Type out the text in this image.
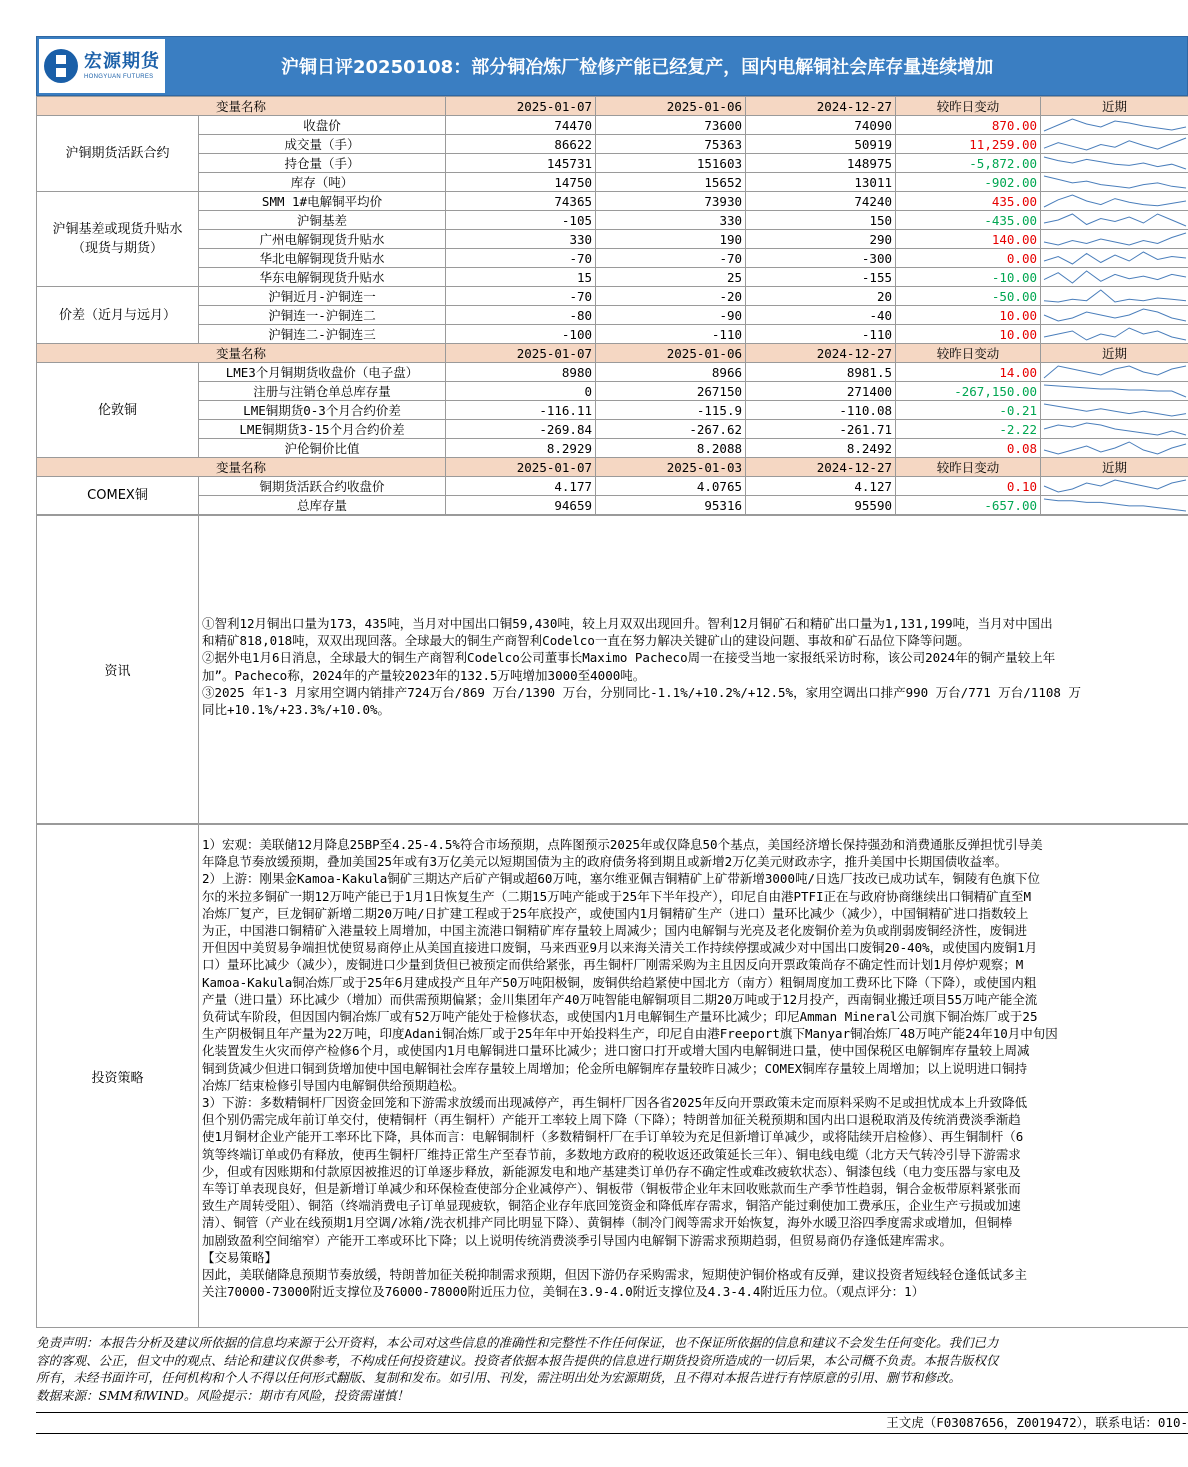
宏源期货
HONGYUAN FUTURES	沪铜日评20250108：部分铜冶炼厂检修产能已经复产，国内电解铜社会库存量连续增加
变量名称		2025-01-07	2025-01-06	2024-12-27	较昨日变动	近期
沪铜期货活跃合约	收盘价	74470	73600	74090	870.00	

	成交量（手）	86622	75363	50919	11,259.00	

	持仓量（手）	145731	151603	148975	-5,872.00	

	库存（吨）	14750	15652	13011	-902.00	

沪铜基差或现货升贴水（现货与期货）	SMM 1#电解铜平均价	74365	73930	74240	435.00	

	沪铜基差	-105	330	150	-435.00	

	广州电解铜现货升贴水	330	190	290	140.00	

	华北电解铜现货升贴水	-70	-70	-300	0.00	

	华东电解铜现货升贴水	15	25	-155	-10.00	

价差（近月与远月）	沪铜近月-沪铜连一	-70	-20	20	-50.00	

	沪铜连一-沪铜连二	-80	-90	-40	10.00	

	沪铜连二-沪铜连三	-100	-110	-110	10.00	

变量名称		2025-01-07	2025-01-06	2024-12-27	较昨日变动	近期
伦敦铜	LME3个月铜期货收盘价（电子盘）	8980	8966	8981.5	14.00	

	注册与注销仓单总库存量	0	267150	271400	-267,150.00	

	LME铜期货0-3个月合约价差	-116.11	-115.9	-110.08	-0.21	

	LME铜期货3-15个月合约价差	-269.84	-267.62	-261.71	-2.22	

	沪伦铜价比值	8.2929	8.2088	8.2492	0.08	

变量名称		2025-01-07	2025-01-03	2024-12-27	较昨日变动	近期
COMEX铜	铜期货活跃合约收盘价	4.177	4.0765	4.127	0.10	

	总库存量	94659	95316	95590	-657.00	
资讯	
①智利12月铜出口量为173，435吨，当月对中国出口铜59,430吨，较上月双双出现回升。智利12月铜矿石和精矿出口量为1,131,199吨，当月对中国出
和精矿818,018吨，双双出现回落。全球最大的铜生产商智利Codelco一直在努力解决关键矿山的建设问题、事故和矿石品位下降等问题。
②据外电1月6日消息，全球最大的铜生产商智利Codelco公司董事长Maximo Pacheco周一在接受当地一家报纸采访时称，该公司2024年的铜产量较上年
加”。Pacheco称，2024年的产量较2023年的132.5万吨增加3000至4000吨。
③2025 年1-3 月家用空调内销排产724万台/869 万台/1390 万台，分别同比-1.1%/+10.2%/+12.5%，家用空调出口排产990 万台/771 万台/1108 万
同比+10.1%/+23.3%/+10.0%。
投资策略	
1）宏观：美联储12月降息25BP至4.25-4.5%符合市场预期，点阵图预示2025年或仅降息50个基点，美国经济增长保持强劲和消费通胀反弹担忧引导美
年降息节奏放缓预期，叠加美国25年或有3万亿美元以短期国债为主的政府债务将到期且或新增2万亿美元财政赤字，推升美国中长期国债收益率。
2）上游：刚果金Kamoa-Kakula铜矿三期达产后矿产铜或超60万吨，塞尔维亚佩吉铜精矿上矿带新增3000吨/日选厂技改已成功试车，铜陵有色旗下位
尔的米拉多铜矿一期12万吨产能已于1月1日恢复生产（二期15万吨产能或于25年下半年投产），印尼自由港PTFI正在与政府协商继续出口铜精矿直至M
冶炼厂复产，巨龙铜矿新增二期20万吨/日扩建工程或于25年底投产，或使国内1月铜精矿生产（进口）量环比减少（减少），中国铜精矿进口指数较上
为正，中国港口铜精矿入港量较上周增加，中国主流港口铜精矿库存量较上周减少；国内电解铜与光亮及老化废铜价差为负或削弱废铜经济性，废铜进
开但因中美贸易争端担忧使贸易商停止从美国直接进口废铜，马来西亚9月以来海关清关工作持续停摆或减少对中国出口废铜20-40%，或使国内废铜1月
口）量环比减少（减少），废铜进口少量到货但已被预定而供给紧张，再生铜杆厂刚需采购为主且因反向开票政策尚存不确定性而计划1月停炉观察；M
Kamoa-Kakula铜冶炼厂或于25年6月建成投产且年产50万吨阳极铜，废铜供给趋紧使中国北方（南方）粗铜周度加工费环比下降（下降），或使国内粗
产量（进口量）环比减少（增加）而供需预期偏紧；金川集团年产40万吨智能电解铜项目二期20万吨或于12月投产，西南铜业搬迁项目55万吨产能全流
负荷试车阶段，但因国内铜冶炼厂或有52万吨产能处于检修状态，或使国内1月电解铜生产量环比减少；印尼Amman Mineral公司旗下铜冶炼厂或于25
生产阴极铜且年产量为22万吨，印度Adani铜冶炼厂或于25年年中开始投料生产，印尼自由港Freeport旗下Manyar铜冶炼厂48万吨产能24年10月中旬因
化装置发生火灾而停产检修6个月，或使国内1月电解铜进口量环比减少；进口窗口打开或增大国内电解铜进口量，使中国保税区电解铜库存量较上周减
铜到货减少但进口铜到货增加使中国电解铜社会库存量较上周增加；伦金所电解铜库存量较昨日减少；COMEX铜库存量较上周增加；以上说明进口铜持
冶炼厂结束检修引导国内电解铜供给预期趋松。
3）下游：多数精铜杆厂因资金回笼和下游需求放缓而出现减停产，再生铜杆厂因各省2025年反向开票政策未定而原料采购不足或担忧成本上升致降低
但个别仍需完成年前订单交付，使精铜杆（再生铜杆）产能开工率较上周下降（下降）；特朗普加征关税预期和国内出口退税取消及传统消费淡季渐趋
使1月铜材企业产能开工率环比下降，具体而言：电解铜制杆（多数精铜杆厂在手订单较为充足但新增订单减少，或将陆续开启检修）、再生铜制杆（6
筑等终端订单或仍有释放，使再生铜杆厂维持正常生产至春节前，多数地方政府的税收返还政策延长三年）、铜电线电缆（北方天气转冷引导下游需求
少，但或有因账期和付款原因被推迟的订单逐步释放，新能源发电和地产基建类订单仍存不确定性或难改疲软状态）、铜漆包线（电力变压器与家电及
车等订单表现良好，但是新增订单减少和环保检查使部分企业减停产）、铜板带（铜板带企业年末回收账款而生产季节性趋弱，铜合金板带原料紧张而
致生产周转受阻）、铜箔（终端消费电子订单显现疲软，铜箔企业存年底回笼资金和降低库存需求，铜箔产能过剩使加工费承压，企业生产亏损或加速
清）、铜管（产业在线预期1月空调/冰箱/洗衣机排产同比明显下降）、黄铜棒（制冷门阀等需求开始恢复，海外水暖卫浴四季度需求或增加，但铜棒
加剧致盈利空间缩窄）产能开工率或环比下降；以上说明传统消费淡季引导国内电解铜下游需求预期趋弱，但贸易商仍存逢低建库需求。
【交易策略】
因此，美联储降息预期节奏放缓，特朗普加征关税抑制需求预期，但因下游仍存采购需求，短期使沪铜价格或有反弹，建议投资者短线轻仓逢低试多主
关注70000-73000附近支撑位及76000-78000附近压力位，美铜在3.9-4.0附近支撑位及4.3-4.4附近压力位。（观点评分：1）
免责声明：本报告分析及建议所依据的信息均来源于公开资料，本公司对这些信息的准确性和完整性不作任何保证，也不保证所依据的信息和建议不会发生任何变化。我们已力
容的客观、公正，但文中的观点、结论和建议仅供参考，不构成任何投资建议。投资者依据本报告提供的信息进行期货投资所造成的一切后果，本公司概不负责。本报告版权仅
所有，未经书面许可，任何机构和个人不得以任何形式翻版、复制和发布。如引用、刊发，需注明出处为宏源期货，且不得对本报告进行有悖原意的引用、删节和修改。
数据来源：SMM和WIND。风险提示：期市有风险，投资需谨慎！
王文虎（F03087656，Z0019472），联系电话：010-
